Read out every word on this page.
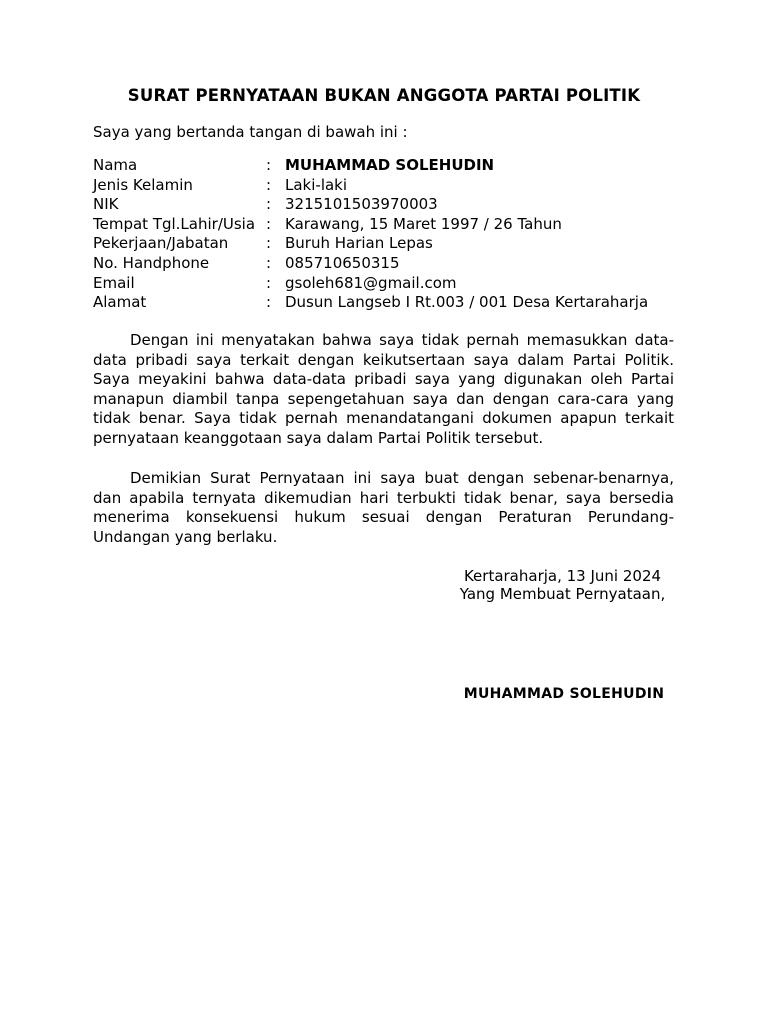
SURAT PERNYATAAN BUKAN ANGGOTA PARTAI POLITIK
Saya yang bertanda tangan di bawah ini :
Nama	: MUHAMMAD SOLEHUDIN
Jenis Kelamin	: Laki-laki
NIK	: 3215101503970003
Tempat Tgl.Lahir/Usia : Karawang, 15 Maret 1997 / 26 Tahun
Pekerjaan/Jabatan	: Buruh Harian Lepas
No. Handphone	: 085710650315
Email	: gsoleh681@gmail.com
Alamat	: Dusun Langseb I Rt.003 / 001 Desa Kertaraharja

Dengan ini menyatakan bahwa saya tidak pernah memasukkan data-data pribadi saya terkait dengan keikutsertaan saya dalam Partai Politik. Saya meyakini bahwa data-data pribadi saya yang digunakan oleh Partai manapun diambil tanpa sepengetahuan saya dan dengan cara-cara yang tidak benar. Saya tidak pernah menandatangani dokumen apapun terkait pernyataan keanggotaan saya dalam Partai Politik tersebut.

Demikian Surat Pernyataan ini saya buat dengan sebenar-benarnya, dan apabila ternyata dikemudian hari terbukti tidak benar, saya bersedia menerima konsekuensi hukum sesuai dengan Peraturan Perundang-Undangan yang berlaku.

Kertaraharja, 13 Juni 2024
Yang Membuat Pernyataan,
MUHAMMAD SOLEHUDIN
